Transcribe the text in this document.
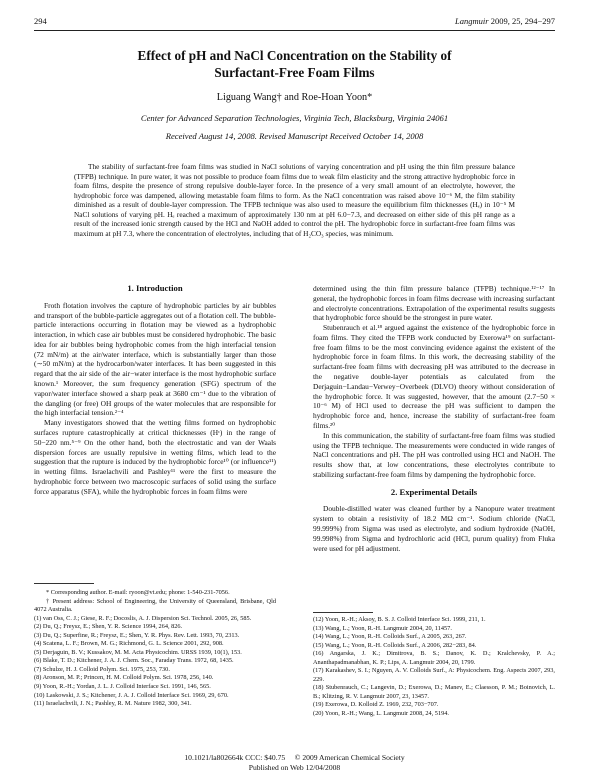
294	Langmuir 2009, 25, 294−297
Effect of pH and NaCl Concentration on the Stability of
Surfactant-Free Foam Films
Liguang Wang† and Roe-Hoan Yoon*
Center for Advanced Separation Technologies, Virginia Tech, Blacksburg, Virginia 24061
Received August 14, 2008. Revised Manuscript Received October 14, 2008

The stability of surfactant-free foam films was studied in NaCl solutions of varying concentration and pH using the thin film pressure balance (TFPB) technique. In pure water, it was not possible to produce foam films due to weak film elasticity and the strong attractive hydrophobic force in foam films, despite the presence of strong repulsive double-layer force. In the presence of a very small amount of an electrolyte, however, the hydrophobic force was dampened, allowing metastable foam films to form. As the NaCl concentration was raised above 10⁻⁶ M, the film stability diminished as a result of double-layer compression. The TFPB technique was also used to measure the equilibrium film thicknesses (Hₑ) in 10⁻⁵ M NaCl solutions of varying pH. Hₑ reached a maximum of approximately 130 nm at pH 6.0−7.3, and decreased on either side of this pH range as a result of the increased ionic strength caused by the HCl and NaOH added to control the pH. The hydrophobic force in surfactant-free foam films was maximum at pH 7.3, where the concentration of electrolytes, including that of H₂CO₃ species, was minimum.

1. Introduction

Froth flotation involves the capture of hydrophobic particles by air bubbles and transport of the bubble-particle aggregates out of a flotation cell. The bubble-particle interactions occurring in flotation may be viewed as a hydrophobic interaction, in which case air bubbles must be considered hydrophobic. The basic idea for air bubbles being hydrophobic comes from the high interfacial tension (72 mN/m) at the air/water interface, which is substantially larger than those (∼50 mN/m) at the hydrocarbon/water interfaces. It has been suggested in this regard that the air side of the air−water interface is the most hydrophobic surface known.¹ Moreover, the sum frequency generation (SFG) spectrum of the vapor/water interface showed a sharp peak at 3680 cm⁻¹ due to the vibration of the dangling (or free) OH groups of the water molecules that are responsible for the high interfacial tension.²⁻⁴

Many investigators showed that the wetting films formed on hydrophobic surfaces rupture catastrophically at critical thicknesses (Hᶜ) in the range of 50−220 nm.⁵⁻⁹ On the other hand, both the electrostatic and van der Waals dispersion forces are usually repulsive in wetting films, which lead to the suggestion that the rupture is induced by the hydrophobic force¹⁰ (or influence¹¹) in wetting films. Israelachvili and Pashley¹¹ were the first to measure the hydrophobic force between two macroscopic surfaces of solid using the surface force apparatus (SFA), while the hydrophobic forces in foam films were

determined using the thin film pressure balance (TFPB) technique.¹²⁻¹⁷ In general, the hydrophobic forces in foam films decrease with increasing surfactant and electrolyte concentrations. Extrapolation of the experimental results suggests that hydrophobic force should be the strongest in pure water.

Stubenrauch et al.¹⁸ argued against the existence of the hydrophobic force in foam films. They cited the TFPB work conducted by Exerowa¹⁹ on surfactant-free foam films to be the most convincing evidence against the existent of the hydrophobic force in foam films. In this work, the decreasing stability of the surfactant-free foam films with decreasing pH was attributed to the decrease in the negative double-layer potentials as calculated from the Derjaguin−Landau−Verwey−Overbeek (DLVO) theory without consideration of the hydrophobic force. It was suggested, however, that the amount (2.7−50 × 10⁻⁶ M) of HCl used to decrease the pH was sufficient to dampen the hydrophobic force and, hence, increase the stability of surfactant-free foam films.²⁰

In this communication, the stability of surfactant-free foam films was studied using the TFPB technique. The measurements were conducted in wide ranges of NaCl concentrations and pH. The pH was controlled using HCl and NaOH. The results show that, at low concentrations, these electrolytes contribute to stabilizing surfactant-free foam films by dampening the hydrophobic force.

2. Experimental Details

Double-distilled water was cleaned further by a Nanopure water treatment system to obtain a resistivity of 18.2 MΩ cm⁻¹. Sodium chloride (NaCl, 99.999%) from Sigma was used as electrolyte, and sodium hydroxide (NaOH, 99.998%) from Sigma and hydrochloric acid (HCl, purum quality) from Fluka were used for pH adjustment.

* Corresponding author. E-mail: ryoon@vt.edu; phone: 1-540-231-7056.
† Present address: School of Engineering, the University of Queensland, Brisbane, Qld 4072 Australia.
(1) van Oss, C. J.; Giese, R. F.; Docoslis, A. J. Dispersion Sci. Technol. 2005, 26, 585.
(2) Du, Q.; Freysz, E.; Shen, Y. R. Science 1994, 264, 826.
(3) Du, Q.; Superfine, R.; Freysz, E.; Shen, Y. R. Phys. Rev. Lett. 1993, 70, 2313.
(4) Scatena, L. F.; Brown, M. G.; Richmond, G. L. Science 2001, 292, 908.
(5) Derjaguin, B. V.; Kussakov, M. M. Acta Physicochim. URSS 1939, 10(1), 153.
(6) Blake, T. D.; Kitchener, J. A. J. Chem. Soc., Faraday Trans. 1972, 68, 1435.
(7) Schulze, H. J. Colloid Polym. Sci. 1975, 253, 730.
(8) Aronson, M. P.; Princen, H. M. Colloid Polym. Sci. 1978, 256, 140.
(9) Yoon, R.-H.; Yordan, J. L. J. Colloid Interface Sci. 1991, 146, 565.
(10) Laskowski, J. S.; Kitchener, J. A. J. Colloid Interface Sci. 1969, 29, 670.
(11) Israelachvili, J. N.; Pashley, R. M. Nature 1982, 300, 341.
(12) Yoon, R.-H.; Aksoy, B. S. J. Colloid Interface Sci. 1999, 211, 1.
(13) Wang, L.; Yoon, R.-H. Langmuir 2004, 20, 11457.
(14) Wang, L.; Yoon, R.-H. Colloids Surf., A 2005, 263, 267.
(15) Wang, L.; Yoon, R.-H. Colloids Surf., A 2006, 282−283, 84.
(16) Angarska, J. K.; Dimitrova, B. S.; Danov, K. D.; Kralchevsky, P. A.; Ananthapadmanabhan, K. P.; Lips, A. Langmuir 2004, 20, 1799.
(17) Karakashev, S. I.; Nguyen, A. V. Colloids Surf., A: Physicochem. Eng. Aspects 2007, 293, 229.
(18) Stubenrauch, C.; Langevin, D.; Exerowa, D.; Manev, E.; Claesson, P. M.; Boinovich, L. B.; Klitzing, R. V. Langmuir 2007, 23, 13457.
(19) Exerowa, D. Kolloid Z. 1969, 232, 703−707.
(20) Yoon, R.-H.; Wang, L. Langmuir 2008, 24, 5194.
10.1021/la802664k CCC: $40.75     © 2009 American Chemical Society
Published on Web 12/04/2008
